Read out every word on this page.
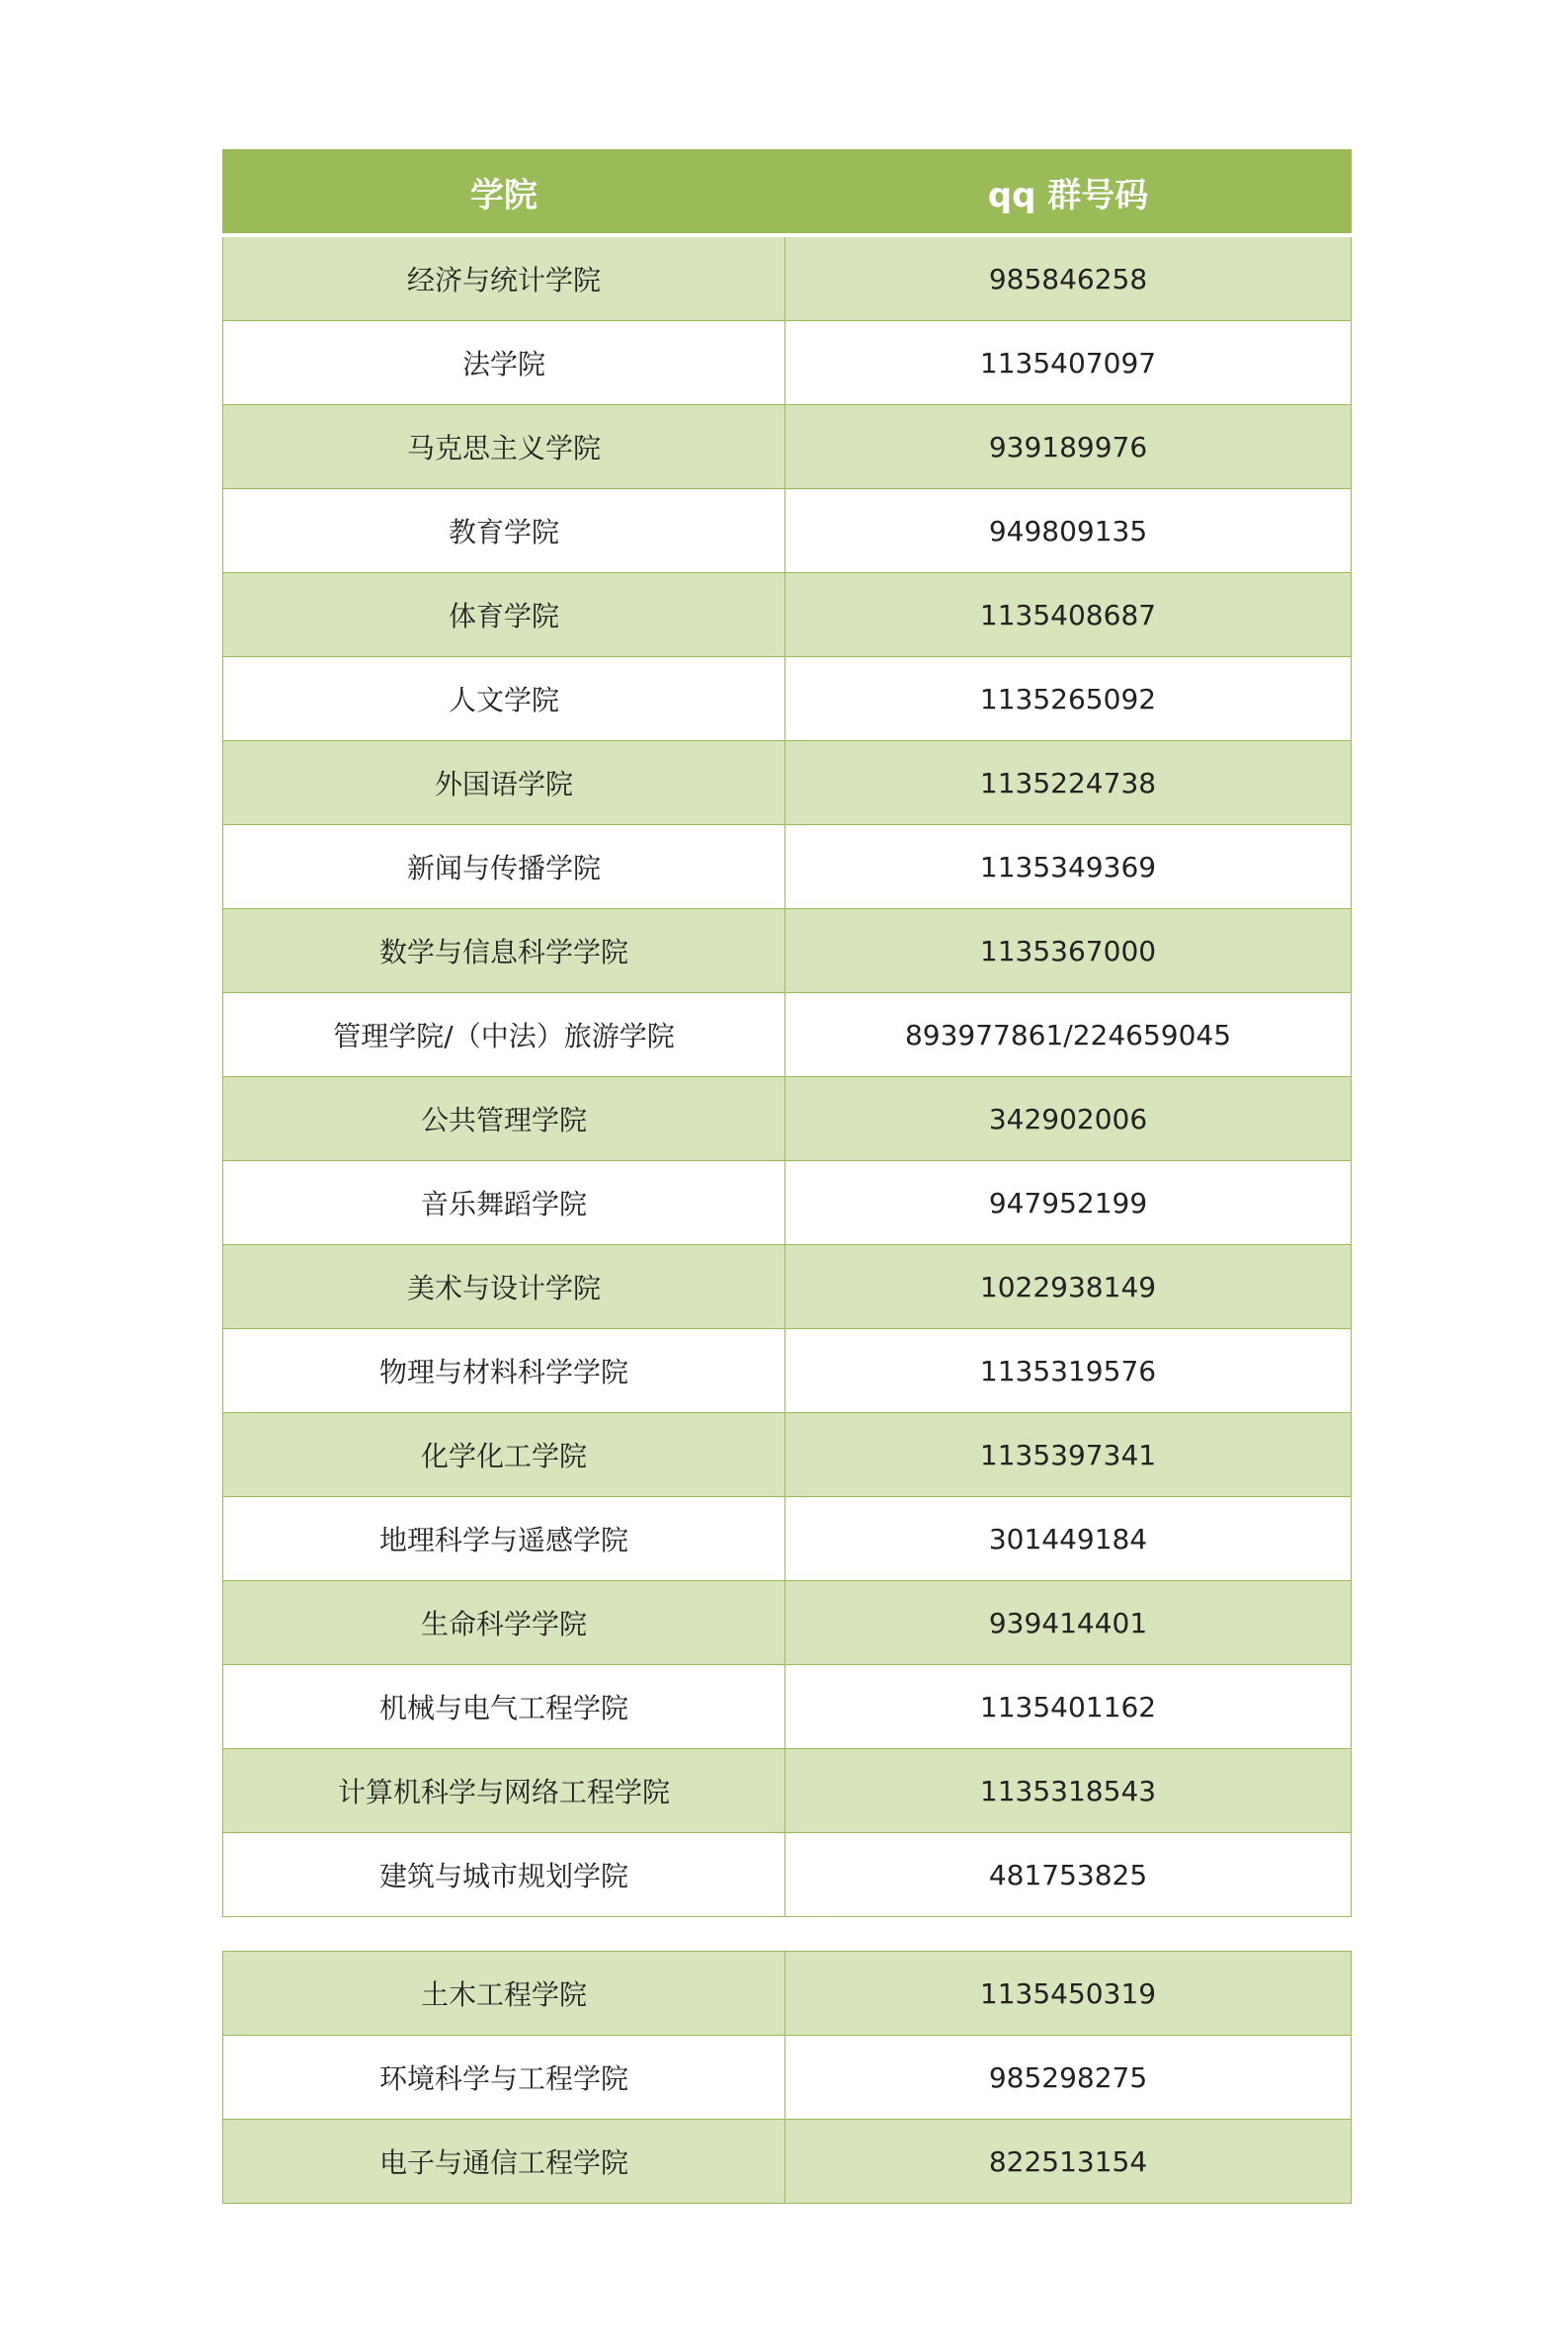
学院	qq 群号码
经济与统计学院	985846258
法学院	1135407097
马克思主义学院	939189976
教育学院	949809135
体育学院	1135408687
人文学院	1135265092
外国语学院	1135224738
新闻与传播学院	1135349369
数学与信息科学学院	1135367000
管理学院/（中法）旅游学院	893977861/224659045
公共管理学院	342902006
音乐舞蹈学院	947952199
美术与设计学院	1022938149
物理与材料科学学院	1135319576
化学化工学院	1135397341
地理科学与遥感学院	301449184
生命科学学院	939414401
机械与电气工程学院	1135401162
计算机科学与网络工程学院	1135318543
建筑与城市规划学院	481753825
土木工程学院	1135450319
环境科学与工程学院	985298275
电子与通信工程学院	822513154
